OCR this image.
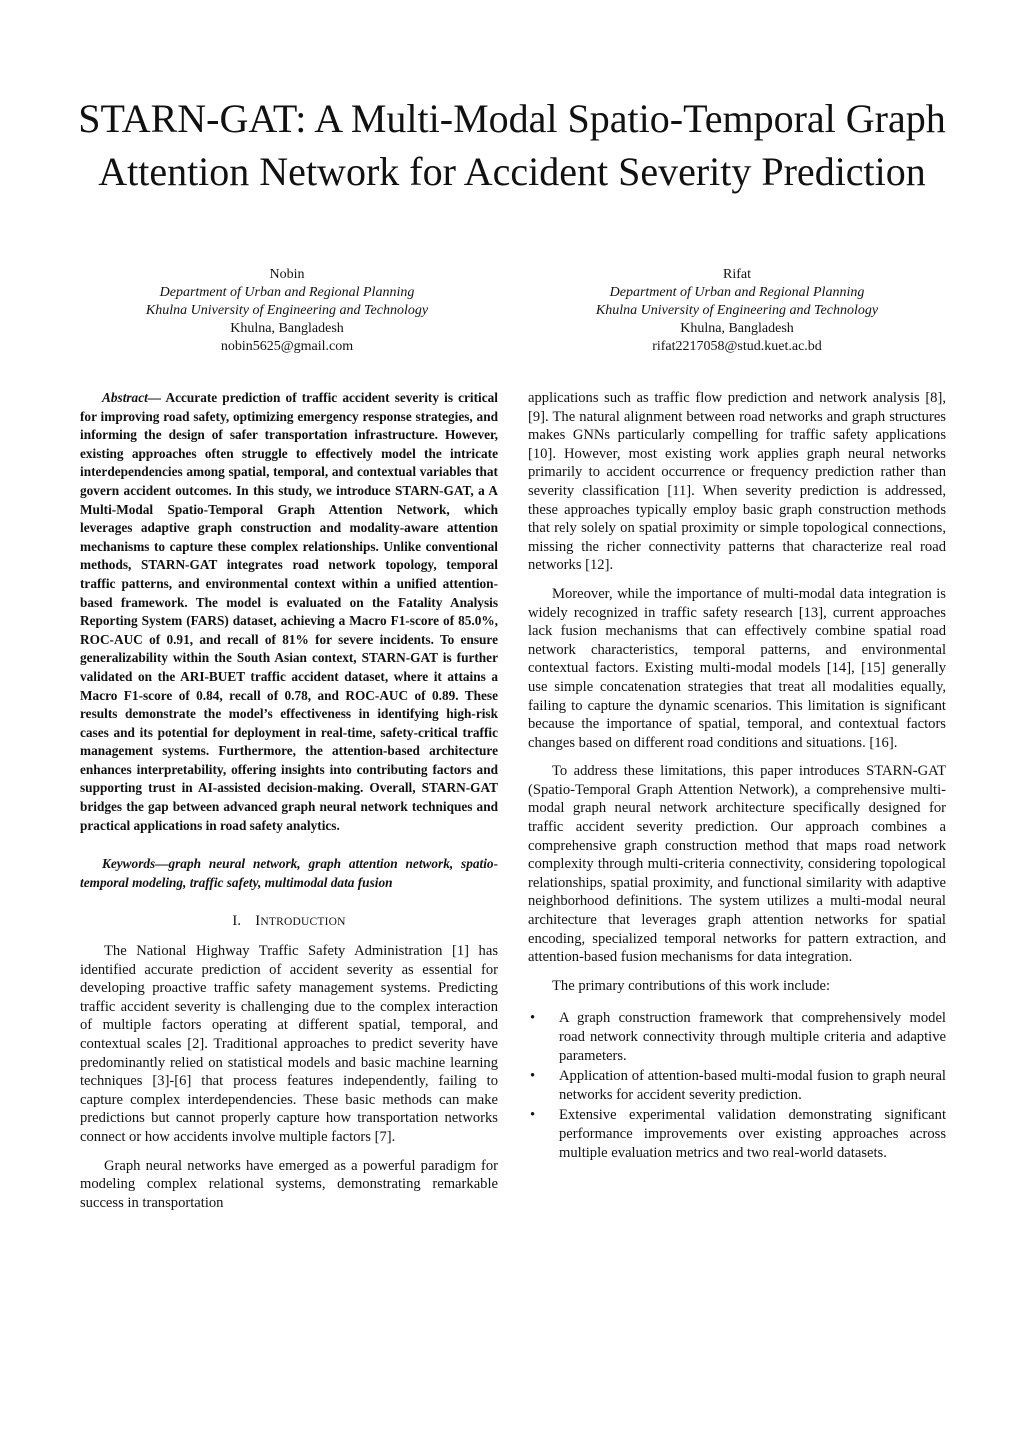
STARN-GAT: A Multi-Modal Spatio-Temporal Graph Attention Network for Accident Severity Prediction
Nobin
Department of Urban and Regional Planning
Khulna University of Engineering and Technology
Khulna, Bangladesh
nobin5625@gmail.com
Rifat
Department of Urban and Regional Planning
Khulna University of Engineering and Technology
Khulna, Bangladesh
rifat2217058@stud.kuet.ac.bd

Abstract— Accurate prediction of traffic accident severity is critical for improving road safety, optimizing emergency response strategies, and informing the design of safer transportation infrastructure. However, existing approaches often struggle to effectively model the intricate interdependencies among spatial, temporal, and contextual variables that govern accident outcomes. In this study, we introduce STARN-GAT, a A Multi-Modal Spatio-Temporal Graph Attention Network, which leverages adaptive graph construction and modality-aware attention mechanisms to capture these complex relationships. Unlike conventional methods, STARN-GAT integrates road network topology, temporal traffic patterns, and environmental context within a unified attention-based framework. The model is evaluated on the Fatality Analysis Reporting System (FARS) dataset, achieving a Macro F1-score of 85.0%, ROC-AUC of 0.91, and recall of 81% for severe incidents. To ensure generalizability within the South Asian context, STARN-GAT is further validated on the ARI-BUET traffic accident dataset, where it attains a Macro F1-score of 0.84, recall of 0.78, and ROC-AUC of 0.89. These results demonstrate the model’s effectiveness in identifying high-risk cases and its potential for deployment in real-time, safety-critical traffic management systems. Furthermore, the attention-based architecture enhances interpretability, offering insights into contributing factors and supporting trust in AI-assisted decision-making. Overall, STARN-GAT bridges the gap between advanced graph neural network techniques and practical applications in road safety analytics.

Keywords—graph neural network, graph attention network, spatio-temporal modeling, traffic safety, multimodal data fusion

I. INTRODUCTION

The National Highway Traffic Safety Administration [1] has identified accurate prediction of accident severity as essential for developing proactive traffic safety management systems. Predicting traffic accident severity is challenging due to the complex interaction of multiple factors operating at different spatial, temporal, and contextual scales [2]. Traditional approaches to predict severity have predominantly relied on statistical models and basic machine learning techniques [3]-[6] that process features independently, failing to capture complex interdependencies. These basic methods can make predictions but cannot properly capture how transportation networks connect or how accidents involve multiple factors [7].

Graph neural networks have emerged as a powerful paradigm for modeling complex relational systems, demonstrating remarkable success in transportation

applications such as traffic flow prediction and network analysis [8], [9]. The natural alignment between road networks and graph structures makes GNNs particularly compelling for traffic safety applications [10]. However, most existing work applies graph neural networks primarily to accident occurrence or frequency prediction rather than severity classification [11]. When severity prediction is addressed, these approaches typically employ basic graph construction methods that rely solely on spatial proximity or simple topological connections, missing the richer connectivity patterns that characterize real road networks [12].

Moreover, while the importance of multi-modal data integration is widely recognized in traffic safety research [13], current approaches lack fusion mechanisms that can effectively combine spatial road network characteristics, temporal patterns, and environmental contextual factors. Existing multi-modal models [14], [15] generally use simple concatenation strategies that treat all modalities equally, failing to capture the dynamic scenarios. This limitation is significant because the importance of spatial, temporal, and contextual factors changes based on different road conditions and situations. [16].

To address these limitations, this paper introduces STARN-GAT (Spatio-Temporal Graph Attention Network), a comprehensive multi-modal graph neural network architecture specifically designed for traffic accident severity prediction. Our approach combines a comprehensive graph construction method that maps road network complexity through multi-criteria connectivity, considering topological relationships, spatial proximity, and functional similarity with adaptive neighborhood definitions. The system utilizes a multi-modal neural architecture that leverages graph attention networks for spatial encoding, specialized temporal networks for pattern extraction, and attention-based fusion mechanisms for data integration.

The primary contributions of this work include:

• A graph construction framework that comprehensively model road network connectivity through multiple criteria and adaptive parameters.
• Application of attention-based multi-modal fusion to graph neural networks for accident severity prediction.
• Extensive experimental validation demonstrating significant performance improvements over existing approaches across multiple evaluation metrics and two real-world datasets.
